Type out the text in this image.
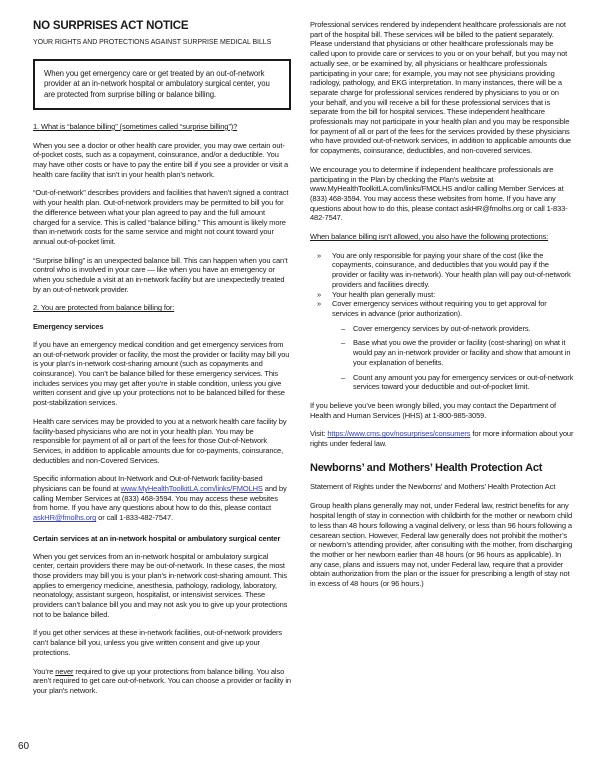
NO SURPRISES ACT NOTICE
YOUR RIGHTS AND PROTECTIONS AGAINST SURPRISE MEDICAL BILLS
When you get emergency care or get treated by an out-of-network provider at an in-network hospital or ambulatory surgical center, you are protected from surprise billing or balance billing.
1. What is “balance billing” (sometimes called “surprise billing”)?

When you see a doctor or other health care provider, you may owe certain out-of-pocket costs, such as a copayment, coinsurance, and/or a deductible. You may have other costs or have to pay the entire bill if you see a provider or visit a health care facility that isn’t in your health plan’s network.

“Out-of-network” describes providers and facilities that haven’t signed a contract with your health plan. Out-of-network providers may be permitted to bill you for the difference between what your plan agreed to pay and the full amount charged for a service. This is called “balance billing.” This amount is likely more than in-network costs for the same service and might not count toward your annual out-of-pocket limit.

“Surprise billing” is an unexpected balance bill. This can happen when you can’t control who is involved in your care — like when you have an emergency or when you schedule a visit at an in-network facility but are unexpectedly treated by an out-of-network provider.

2. You are protected from balance billing for:
Emergency services

If you have an emergency medical condition and get emergency services from an out-of-network provider or facility, the most the provider or facility may bill you is your plan’s in-network cost-sharing amount (such as copayments and coinsurance). You can’t be balance billed for these emergency services. This includes services you may get after you’re in stable condition, unless you give written consent and give up your protections not to be balanced billed for these post-stabilization services.

Health care services may be provided to you at a network health care facility by facility-based physicians who are not in your health plan. You may be responsible for payment of all or part of the fees for those Out-of-Network Services, in addition to applicable amounts due for co-payments, coinsurance, deductibles and non-Covered Services.

Specific information about In-Network and Out-of-Network facility-based physicians can be found at www.MyHealthToolkitLA.com/links/FMOLHS and by calling Member Services at (833) 468-3594. You may access these websites from home. If you have any questions about how to do this, please contact askHR@fmolhs.org or call 1-833-482-7547.

Certain services at an in-network hospital or ambulatory surgical center

When you get services from an in-network hospital or ambulatory surgical center, certain providers there may be out-of-network. In these cases, the most those providers may bill you is your plan’s in-network cost-sharing amount. This applies to emergency medicine, anesthesia, pathology, radiology, laboratory, neonatology, assistant surgeon, hospitalist, or intensivist services. These providers can’t balance bill you and may not ask you to give up your protections not to be balance billed.

If you get other services at these in-network facilities, out-of-network providers can’t balance bill you, unless you give written consent and give up your protections.

You’re never required to give up your protections from balance billing. You also aren’t required to get care out-of-network. You can choose a provider or facility in your plan’s network.

Professional services rendered by independent healthcare professionals are not part of the hospital bill. These services will be billed to the patient separately. Please understand that physicians or other healthcare professionals may be called upon to provide care or services to you or on your behalf, but you may not actually see, or be examined by, all physicians or healthcare professionals participating in your care; for example, you may not see physicians providing radiology, pathology, and EKG interpretation. In many instances, there will be a separate charge for professional services rendered by physicians to you or on your behalf, and you will receive a bill for these professional services that is separate from the bill for hospital services. These independent healthcare professionals may not participate in your health plan and you may be responsible for payment of all or part of the fees for the services provided by these physicians who have provided out-of-network services, in addition to applicable amounts due for copayments, coinsurance, deductibles, and non-covered services.

We encourage you to determine if independent healthcare professionals are participating in the Plan by checking the Plan’s website at www.MyHealthToolkitLA.com/links/FMOLHS and/or calling Member Services at (833) 468-3594. You may access these websites from home. If you have any questions about how to do this, please contact askHR@fmolhs.org or call 1-833-482-7547.

When balance billing isn’t allowed, you also have the following protections:
»	You are only responsible for paying your share of the cost (like the copayments, coinsurance, and deductibles that you would pay if the provider or facility was in-network). Your health plan will pay out-of-network providers and facilities directly.
»	Your health plan generally must:
»	Cover emergency services without requiring you to get approval for services in advance (prior authorization).
–	Cover emergency services by out-of-network providers.
–	Base what you owe the provider or facility (cost-sharing) on what it would pay an in-network provider or facility and show that amount in your explanation of benefits.
–	Count any amount you pay for emergency services or out-of-network services toward your deductible and out-of-pocket limit.

If you believe you’ve been wrongly billed, you may contact the Department of Health and Human Services (HHS) at 1-800-985-3059.

Visit: https://www.cms.gov/nosurprises/consumers for more information about your rights under federal law.

Newborns’ and Mothers’ Health Protection Act

Statement of Rights under the Newborns’ and Mothers’ Health Protection Act

Group health plans generally may not, under Federal law, restrict benefits for any hospital length of stay in connection with childbirth for the mother or newborn child to less than 48 hours following a vaginal delivery, or less than 96 hours following a cesarean section. However, Federal law generally does not prohibit the mother’s or newborn’s attending provider, after consulting with the mother, from discharging the mother or her newborn earlier than 48 hours (or 96 hours as applicable). In any case, plans and issuers may not, under Federal law, require that a provider obtain authorization from the plan or the issuer for prescribing a length of stay not in excess of 48 hours (or 96 hours.)

60
